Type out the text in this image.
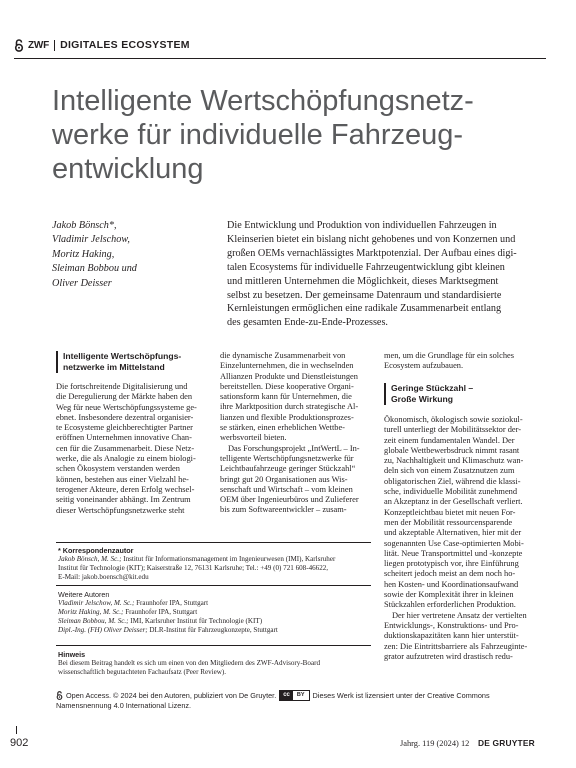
ZWF DIGITALES ECOSYSTEM
Intelligente Wertschöpfungsnetz-
werke für individuelle Fahrzeug-
entwicklung
Jakob Bönsch*,
Vladimir Jelschow,
Moritz Haking,
Sleiman Bobbou und
Oliver Deisser
Die Entwicklung und Produktion von individuellen Fahrzeugen in
Kleinserien bietet ein bislang nicht gehobenes und von Konzernen und
großen OEMs vernachlässigtes Marktpotenzial. Der Aufbau eines digi-
talen Ecosystems für individuelle Fahrzeugentwicklung gibt kleinen
und mittleren Unternehmen die Möglichkeit, dieses Marktsegment
selbst zu besetzen. Der gemeinsame Datenraum und standardisierte
Kernleistungen ermöglichen eine radikale Zusammenarbeit entlang
des gesamten Ende-zu-Ende-Prozesses.
Intelligente Wertschöpfungs-
netzwerke im Mittelstand
Die fortschreitende Digitalisierung und
die Deregulierung der Märkte haben den
Weg für neue Wertschöpfungssysteme ge-
ebnet. Insbesondere dezentral organisier-
te Ecosysteme gleichberechtigter Partner
eröffnen Unternehmen innovative Chan-
cen für die Zusammenarbeit. Diese Netz-
werke, die als Analogie zu einem biologi-
schen Ökosystem verstanden werden
können, bestehen aus einer Vielzahl he-
terogener Akteure, deren Erfolg wechsel-
seitig voneinander abhängt. Im Zentrum
dieser Wertschöpfungsnetzwerke steht
die dynamische Zusammenarbeit von
Einzelunternehmen, die in wechselnden
Allianzen Produkte und Dienstleistungen
bereitstellen. Diese kooperative Organi-
sationsform kann für Unternehmen, die
ihre Marktposition durch strategische Al-
lianzen und flexible Produktionsprozes-
se stärken, einen erheblichen Wettbe-
werbsvorteil bieten.
Das Forschungsprojekt „IntWertL – In-
telligente Wertschöpfungsnetzwerke für
Leichtbaufahrzeuge geringer Stückzahl“
bringt gut 20 Organisationen aus Wis-
senschaft und Wirtschaft – vom kleinen
OEM über Ingenieurbüros und Zulieferer
bis zum Softwareentwickler – zusam-
men, um die Grundlage für ein solches
Ecosystem aufzubauen.
Geringe Stückzahl –
Große Wirkung
Ökonomisch, ökologisch sowie soziokul-
turell unterliegt der Mobilitätssektor der-
zeit einem fundamentalen Wandel. Der
globale Wettbewerbsdruck nimmt rasant
zu, Nachhaltigkeit und Klimaschutz wan-
deln sich von einem Zusatznutzen zum
obligatorischen Ziel, während die klassi-
sche, individuelle Mobilität zunehmend
an Akzeptanz in der Gesellschaft verliert.
Konzeptleichtbau bietet mit neuen For-
men der Mobilität ressourcensparende
und akzeptable Alternativen, hier mit der
sogenannten Use Case-optimierten Mobi-
lität. Neue Transportmittel und -konzepte
liegen prototypisch vor, ihre Einführung
scheitert jedoch meist an dem noch ho-
hen Kosten- und Koordinationsaufwand
sowie der Komplexität ihrer in kleinen
Stückzahlen erforderlichen Produktion.
Der hier vertretene Ansatz der vertielten
Entwicklungs-, Konstruktions- und Pro-
duktionskapazitäten kann hier unterstüt-
zen: Die Eintrittsbarriere als Fahrzeuginte-
grator aufzutreten wird drastisch redu-
* Korrespondenzautor
Jakob Bönsch, M. Sc.; Institut für Informationsmanagement im Ingenieurwesen (IMI), Karlsruher
Institut für Technologie (KIT); Kaiserstraße 12, 76131 Karlsruhe; Tel.: +49 (0) 721 608-46622,
E-Mail: jakob.boensch@kit.edu
Weitere Autoren
Vladimir Jelschow, M. Sc.; Fraunhofer IPA, Stuttgart
Moritz Haking, M. Sc.; Fraunhofer IPA, Stuttgart
Sleiman Bobbou, M. Sc.; IMI, Karlsruher Institut für Technologie (KIT)
Dipl.-Ing. (FH) Oliver Deisser; DLR-Institut für Fahrzeugkonzepte, Stuttgart
Hinweis
Bei diesem Beitrag handelt es sich um einen von den Mitgliedern des ZWF-Advisory-Board
wissenschaftlich begutachteten Fachaufsatz (Peer Review).
Open Access. © 2024 bei den Autoren, publiziert von De Gruyter.	cc	BY	Dieses Werk ist lizensiert unter der Creative Commons
Namensnennung 4.0 International Lizenz.
902	Jahrg. 119 (2024) 12 DE GRUYTER
